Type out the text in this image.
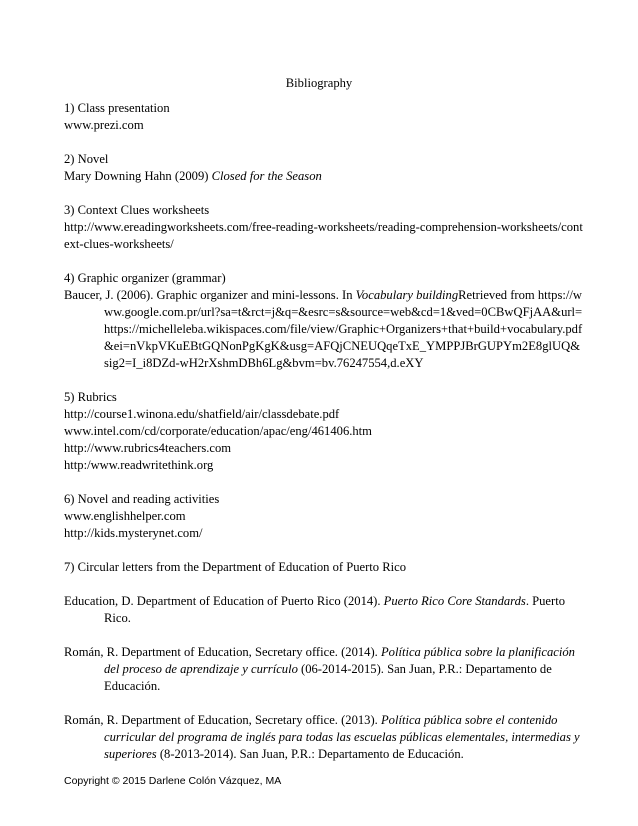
Bibliography
1) Class presentation
www.prezi.com
2) Novel
Mary Downing Hahn (2009) Closed for the Season
3) Context Clues worksheets
http://www.ereadingworksheets.com/free-reading-worksheets/reading-comprehension-worksheets/context-clues-worksheets/
4) Graphic organizer (grammar)
Baucer, J. (2006). Graphic organizer and mini-lessons. In Vocabulary buildingRetrieved from https://www.google.com.pr/url?sa=t&rct=j&q=&esrc=s&source=web&cd=1&ved=0CBwQFjAA&url=https://michelleleba.wikispaces.com/file/view/Graphic+Organizers+that+build+vocabulary.pdf&ei=nVkpVKuEBtGQNonPgKgK&usg=AFQjCNEUQqeTxE_YMPPJBrGUPYm2E8glUQ&sig2=I_i8DZd-wH2rXshmDBh6Lg&bvm=bv.76247554,d.eXY
5) Rubrics
http://course1.winona.edu/shatfield/air/classdebate.pdf
www.intel.com/cd/corporate/education/apac/eng/461406.htm
http://www.rubrics4teachers.com
http:/www.readwritethink.org
6) Novel and reading activities
www.englishhelper.com
http://kids.mysterynet.com/
7) Circular letters from the Department of Education of Puerto Rico
Education, D. Department of Education of Puerto Rico (2014). Puerto Rico Core Standards. Puerto Rico.
Román, R. Department of Education, Secretary office. (2014). Política pública sobre la planificación del proceso de aprendizaje y currículo (06-2014-2015). San Juan, P.R.: Departamento de Educación.
Román, R. Department of Education, Secretary office. (2013). Política pública sobre el contenido curricular del programa de inglés para todas las escuelas públicas elementales, intermedias y superiores (8-2013-2014). San Juan, P.R.: Departamento de Educación.
Copyright © 2015 Darlene Colón Vázquez, MA
